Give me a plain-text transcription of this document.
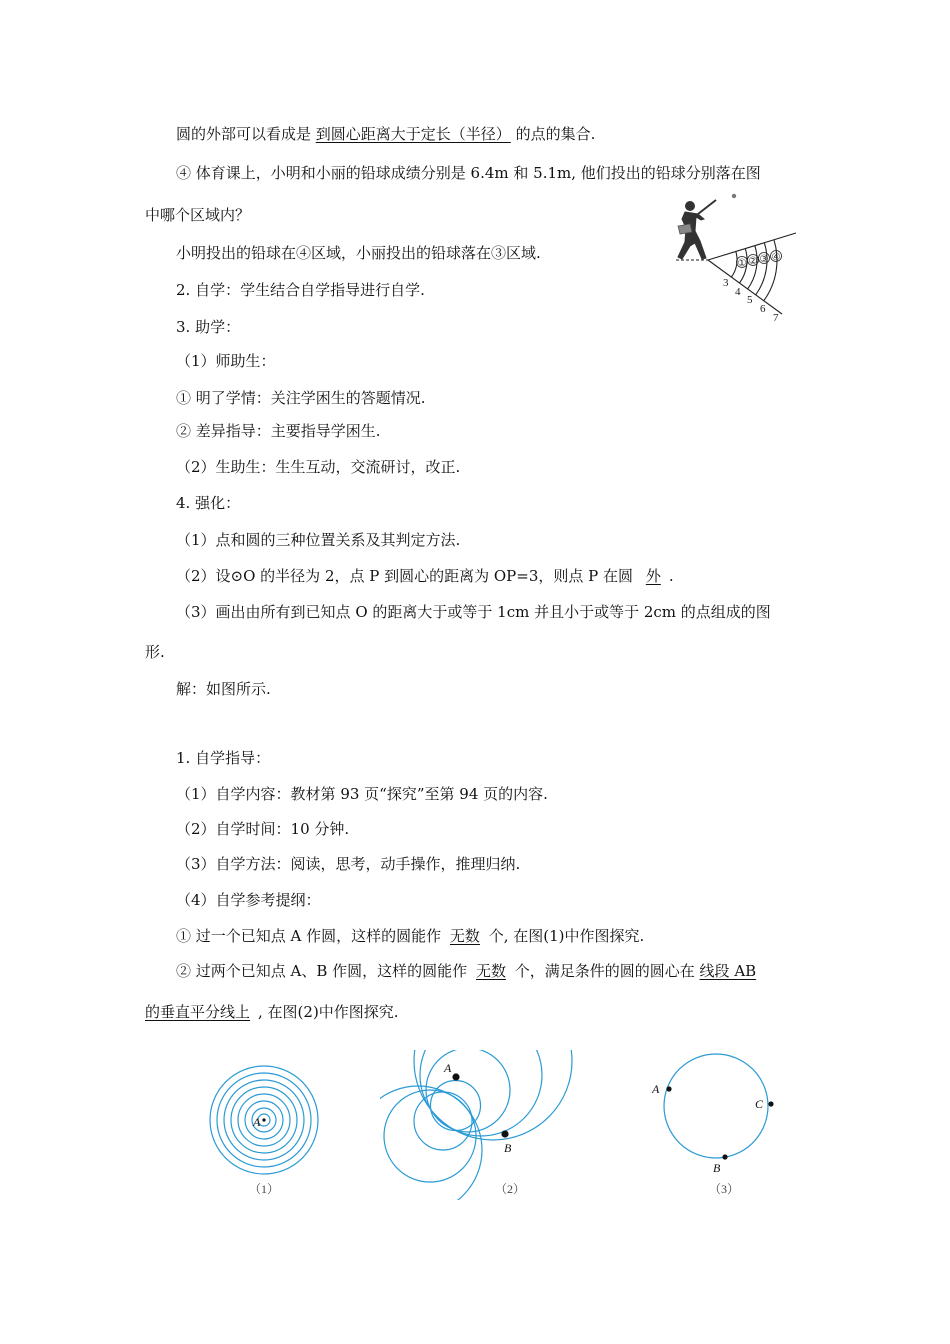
圆的外部可以看成是 到圆心距离大于定长（半径） 的点的集合.
④ 体育课上，小明和小丽的铅球成绩分别是 6.4m 和 5.1m, 他们投出的铅球分别落在图
中哪个区域内？
小明投出的铅球在④区域，小丽投出的铅球落在③区域.
2. 自学：学生结合自学指导进行自学.
3. 助学：
（1）师助生：
① 明了学情：关注学困生的答题情况.
② 差异指导：主要指导学困生.
（2）生助生：生生互动，交流研讨，改正.
4. 强化：
（1）点和圆的三种位置关系及其判定方法.
（2）设⊙O 的半径为 2，点 P 到圆心的距离为 OP=3，则点 P 在圆 外 .
（3）画出由所有到已知点 O 的距离大于或等于 1cm 并且小于或等于 2cm 的点组成的图
形.
解：如图所示.
1. 自学指导：
（1）自学内容：教材第 93 页“探究”至第 94 页的内容.
（2）自学时间：10 分钟.
（3）自学方法：阅读，思考，动手操作，推理归纳.
（4）自学参考提纲：
① 过一个已知点 A 作圆，这样的圆能作 无数 个, 在图(1)中作图探究.
② 过两个已知点 A、B 作圆，这样的圆能作 无数 个，满足条件的圆的圆心在 线段 AB
的垂直平分线上 , 在图(2)中作图探究.
① ② ③ ④
3
4
5
6
7
A
（1）
A
B
（2）
A
B
C
（3）
